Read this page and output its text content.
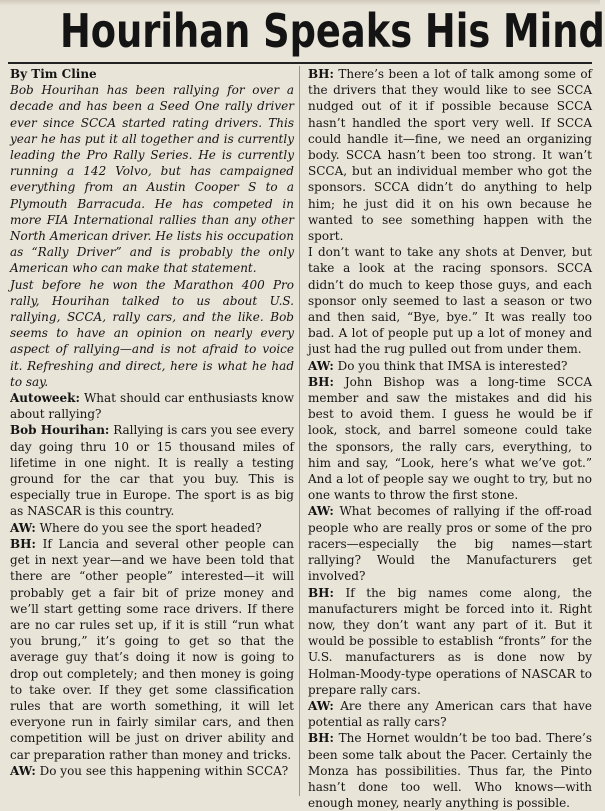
Hourihan Speaks His Mind

By Tim Cline

Bob Hourihan has been rallying for over a decade and has been a Seed One rally driver ever since SCCA started rating drivers. This year he has put it all together and is currently leading the Pro Rally Series. He is currently running a 142 Volvo, but has campaigned everything from an Austin Cooper S to a Plymouth Barracuda. He has competed in more FIA International rallies than any other North American driver. He lists his occupation as “Rally Driver” and is probably the only American who can make that statement.

Just before he won the Marathon 400 Pro rally, Hourihan talked to us about U.S. rallying, SCCA, rally cars, and the like. Bob seems to have an opinion on nearly every aspect of rallying—and is not afraid to voice it. Refreshing and direct, here is what he had to say.

Autoweek: What should car enthusiasts know about rallying?

Bob Hourihan: Rallying is cars you see every day going thru 10 or 15 thousand miles of lifetime in one night. It is really a testing ground for the car that you buy. This is especially true in Europe. The sport is as big as NASCAR is this country.

AW: Where do you see the sport headed?

BH: If Lancia and several other people can get in next year—and we have been told that there are “other people” interested—it will probably get a fair bit of prize money and we’ll start getting some race drivers. If there are no car rules set up, if it is still “run what you brung,” it’s going to get so that the average guy that’s doing it now is going to drop out completely; and then money is going to take over. If they get some classification rules that are worth something, it will let everyone run in fairly similar cars, and then competition will be just on driver ability and car preparation rather than money and tricks.

AW: Do you see this happening within SCCA?

BH: There’s been a lot of talk among some of the drivers that they would like to see SCCA nudged out of it if possible because SCCA hasn’t handled the sport very well. If SCCA could handle it—fine, we need an organizing body. SCCA hasn’t been too strong. It wan’t SCCA, but an individual member who got the sponsors. SCCA didn’t do anything to help him; he just did it on his own because he wanted to see something happen with the sport.

I don’t want to take any shots at Denver, but take a look at the racing sponsors. SCCA didn’t do much to keep those guys, and each sponsor only seemed to last a season or two and then said, “Bye, bye.” It was really too bad. A lot of people put up a lot of money and just had the rug pulled out from under them.

AW: Do you think that IMSA is interested?

BH: John Bishop was a long-time SCCA member and saw the mistakes and did his best to avoid them. I guess he would be if look, stock, and barrel someone could take the sponsors, the rally cars, everything, to him and say, “Look, here’s what we’ve got.” And a lot of people say we ought to try, but no one wants to throw the first stone.

AW: What becomes of rallying if the off-road people who are really pros or some of the pro racers—especially the big names—start rallying? Would the Manufacturers get involved?

BH: If the big names come along, the manufacturers might be forced into it. Right now, they don’t want any part of it. But it would be possible to establish “fronts” for the U.S. manufacturers as is done now by Holman-Moody-type operations of NASCAR to prepare rally cars.

AW: Are there any American cars that have potential as rally cars?

BH: The Hornet wouldn’t be too bad. There’s been some talk about the Pacer. Certainly the Monza has possibilities. Thus far, the Pinto hasn’t done too well. Who knows—with enough money, nearly anything is possible.
